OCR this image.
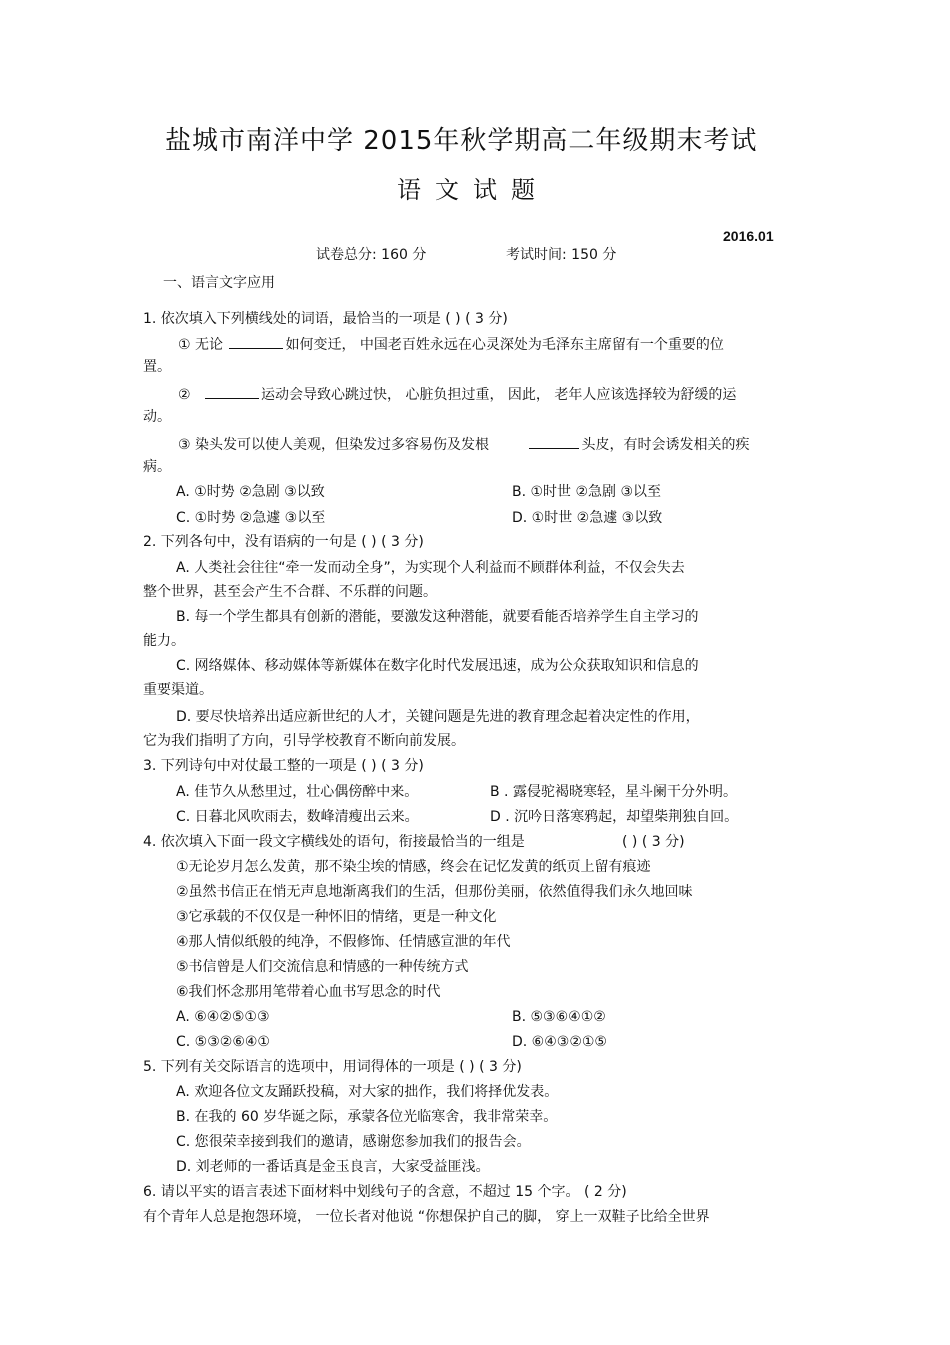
盐城市南洋中学 2015年秋学期高二年级期末考试
语文试题
2016.01
试卷总分: 160 分	考试时间: 150 分
一、语言文字应用
1. 依次填入下列横线处的词语，最恰当的一项是 ( ) ( 3 分)
① 无论	如何变迁， 中国老百姓永远在心灵深处为毛泽东主席留有一个重要的位
置。
②	运动会导致心跳过快， 心脏负担过重， 因此， 老年人应该选择较为舒缓的运
动。
③ 染头发可以使人美观，但染发过多容易伤及发根	头皮，有时会诱发相关的疾
病。
A. ①时势 ②急剧 ③以致	B. ①时世 ②急剧 ③以至
C. ①时势 ②急遽 ③以至	D. ①时世 ②急遽 ③以致
2. 下列各句中，没有语病的一句是 ( ) ( 3 分)
A. 人类社会往往“牵一发而动全身”，为实现个人利益而不顾群体利益，不仅会失去
整个世界，甚至会产生不合群、不乐群的问题。
B. 每一个学生都具有创新的潜能，要激发这种潜能，就要看能否培养学生自主学习的
能力。
C. 网络媒体、移动媒体等新媒体在数字化时代发展迅速，成为公众获取知识和信息的
重要渠道。
D. 要尽快培养出适应新世纪的人才，关键问题是先进的教育理念起着决定性的作用，
它为我们指明了方向，引导学校教育不断向前发展。
3. 下列诗句中对仗最工整的一项是 ( ) ( 3 分)
A. 佳节久从愁里过，壮心偶傍醉中来。	B . 露侵驼褐晓寒轻，星斗阑干分外明。
C. 日暮北风吹雨去，数峰清瘦出云来。	D . 沉吟日落寒鸦起，却望柴荆独自回。
4. 依次填入下面一段文字横线处的语句，衔接最恰当的一组是	( ) ( 3 分)
①无论岁月怎么发黄，那不染尘埃的情感，终会在记忆发黄的纸页上留有痕迹
②虽然书信正在悄无声息地渐离我们的生活，但那份美丽，依然值得我们永久地回味
③它承载的不仅仅是一种怀旧的情绪，更是一种文化
④那人情似纸般的纯净，不假修饰、任情感宣泄的年代
⑤书信曾是人们交流信息和情感的一种传统方式
⑥我们怀念那用笔带着心血书写思念的时代
A. ⑥④②⑤①③	B. ⑤③⑥④①②
C. ⑤③②⑥④①	D. ⑥④③②①⑤
5. 下列有关交际语言的选项中，用词得体的一项是 ( ) ( 3 分)
A. 欢迎各位文友踊跃投稿，对大家的拙作，我们将择优发表。
B. 在我的 60 岁华诞之际，承蒙各位光临寒舍，我非常荣幸。
C. 您很荣幸接到我们的邀请，感谢您参加我们的报告会。
D. 刘老师的一番话真是金玉良言，大家受益匪浅。
6. 请以平实的语言表述下面材料中划线句子的含意，不超过 15 个字。 ( 2 分)
有个青年人总是抱怨环境， 一位长者对他说 “你想保护自己的脚， 穿上一双鞋子比给全世界
